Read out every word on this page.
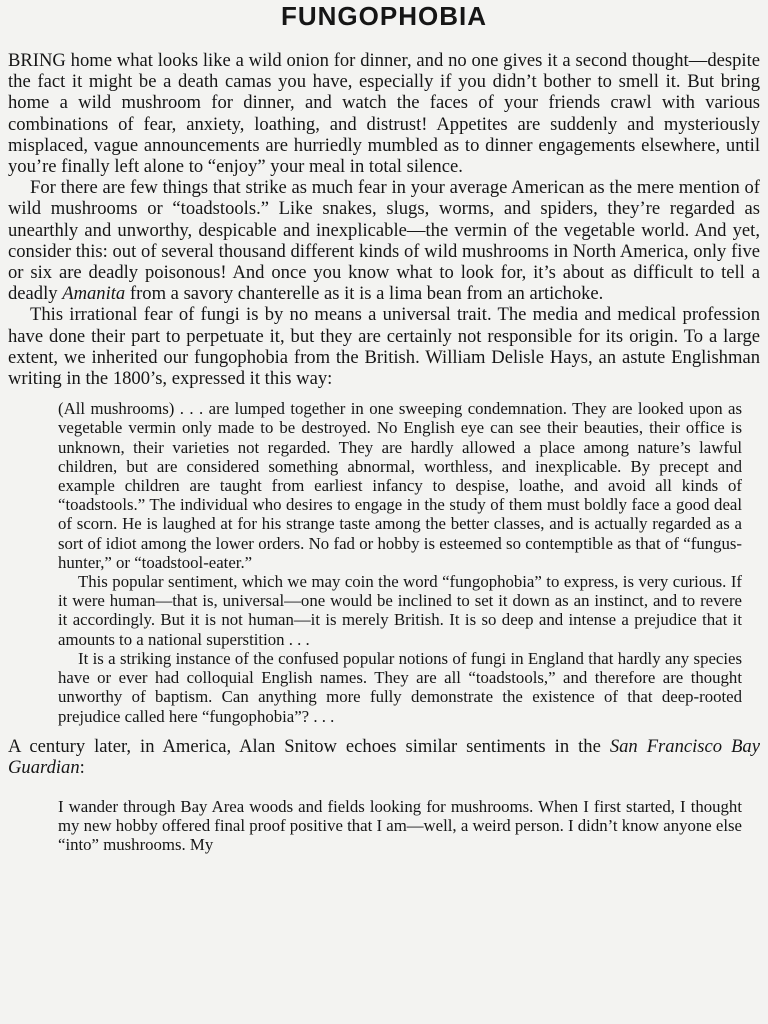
FUNGOPHOBIA

BRING home what looks like a wild onion for dinner, and no one gives it a second thought—despite the fact it might be a death camas you have, especially if you didn’t bother to smell it. But bring home a wild mushroom for dinner, and watch the faces of your friends crawl with various combinations of fear, anxiety, loathing, and distrust! Appetites are suddenly and mysteriously misplaced, vague announcements are hurriedly mumbled as to dinner engagements elsewhere, until you’re finally left alone to “enjoy” your meal in total silence.

For there are few things that strike as much fear in your average American as the mere mention of wild mushrooms or “toadstools.” Like snakes, slugs, worms, and spiders, they’re regarded as unearthly and unworthy, despicable and inexplicable—the vermin of the vegetable world. And yet, consider this: out of several thousand different kinds of wild mushrooms in North America, only five or six are deadly poisonous! And once you know what to look for, it’s about as difficult to tell a deadly Amanita from a savory chanterelle as it is a lima bean from an artichoke.

This irrational fear of fungi is by no means a universal trait. The media and medical profession have done their part to perpetuate it, but they are certainly not responsible for its origin. To a large extent, we inherited our fungophobia from the British. William Delisle Hays, an astute Englishman writing in the 1800’s, expressed it this way:

(All mushrooms) . . . are lumped together in one sweeping condemnation. They are looked upon as vegetable vermin only made to be destroyed. No English eye can see their beauties, their office is unknown, their varieties not regarded. They are hardly allowed a place among nature’s lawful children, but are considered something abnormal, worthless, and inexplicable. By precept and example children are taught from earliest infancy to despise, loathe, and avoid all kinds of “toadstools.” The individual who desires to engage in the study of them must boldly face a good deal of scorn. He is laughed at for his strange taste among the better classes, and is actually regarded as a sort of idiot among the lower orders. No fad or hobby is esteemed so contemptible as that of “fungus-hunter,” or “toadstool-eater.”

This popular sentiment, which we may coin the word “fungophobia” to express, is very curious. If it were human—that is, universal—one would be inclined to set it down as an instinct, and to revere it accordingly. But it is not human—it is merely British. It is so deep and intense a prejudice that it amounts to a national superstition . . .

It is a striking instance of the confused popular notions of fungi in England that hardly any species have or ever had colloquial English names. They are all “toadstools,” and therefore are thought unworthy of baptism. Can anything more fully demonstrate the existence of that deep-rooted prejudice called here “fungophobia”? . . .

A century later, in America, Alan Snitow echoes similar sentiments in the San Francisco Bay Guardian:

I wander through Bay Area woods and fields looking for mushrooms. When I first started, I thought my new hobby offered final proof positive that I am—well, a weird person. I didn’t know anyone else “into” mushrooms. My
